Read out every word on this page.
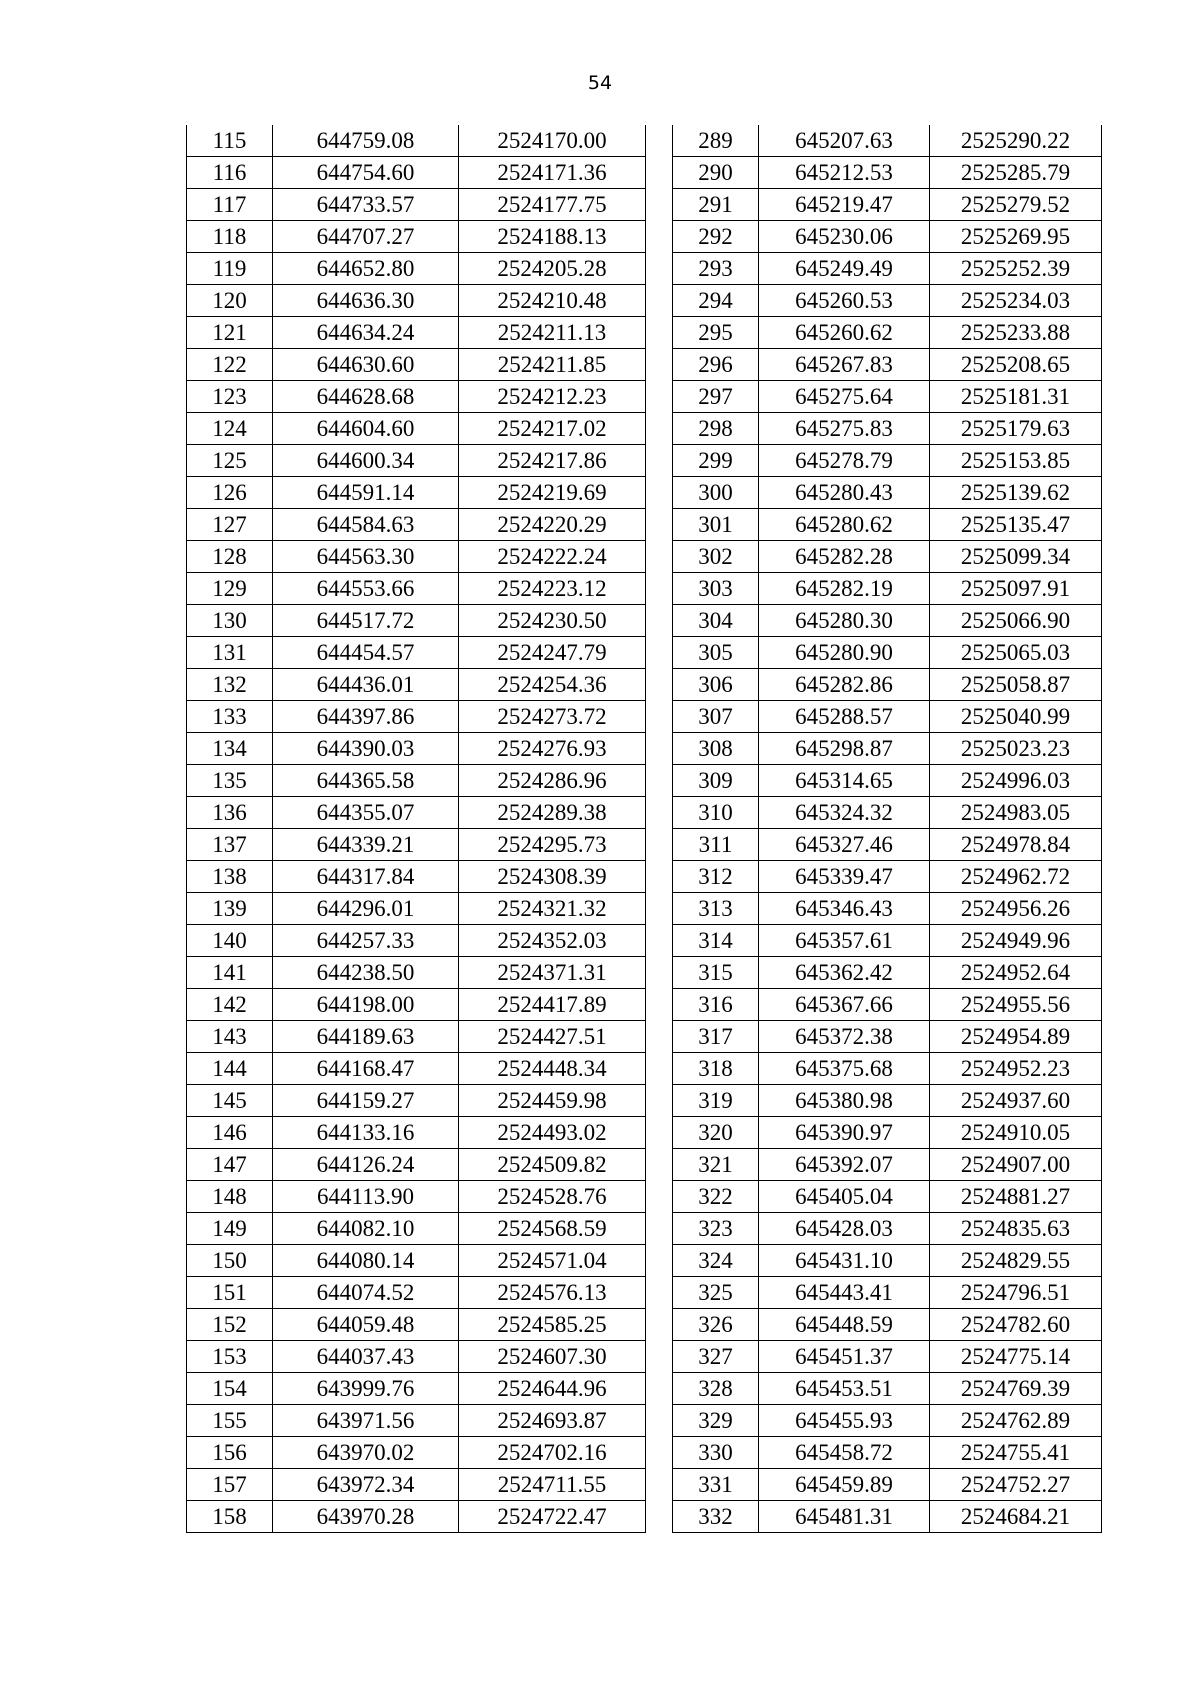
54
115	644759.08	2524170.00
116	644754.60	2524171.36
117	644733.57	2524177.75
118	644707.27	2524188.13
119	644652.80	2524205.28
120	644636.30	2524210.48
121	644634.24	2524211.13
122	644630.60	2524211.85
123	644628.68	2524212.23
124	644604.60	2524217.02
125	644600.34	2524217.86
126	644591.14	2524219.69
127	644584.63	2524220.29
128	644563.30	2524222.24
129	644553.66	2524223.12
130	644517.72	2524230.50
131	644454.57	2524247.79
132	644436.01	2524254.36
133	644397.86	2524273.72
134	644390.03	2524276.93
135	644365.58	2524286.96
136	644355.07	2524289.38
137	644339.21	2524295.73
138	644317.84	2524308.39
139	644296.01	2524321.32
140	644257.33	2524352.03
141	644238.50	2524371.31
142	644198.00	2524417.89
143	644189.63	2524427.51
144	644168.47	2524448.34
145	644159.27	2524459.98
146	644133.16	2524493.02
147	644126.24	2524509.82
148	644113.90	2524528.76
149	644082.10	2524568.59
150	644080.14	2524571.04
151	644074.52	2524576.13
152	644059.48	2524585.25
153	644037.43	2524607.30
154	643999.76	2524644.96
155	643971.56	2524693.87
156	643970.02	2524702.16
157	643972.34	2524711.55
158	643970.28	2524722.47
289	645207.63	2525290.22
290	645212.53	2525285.79
291	645219.47	2525279.52
292	645230.06	2525269.95
293	645249.49	2525252.39
294	645260.53	2525234.03
295	645260.62	2525233.88
296	645267.83	2525208.65
297	645275.64	2525181.31
298	645275.83	2525179.63
299	645278.79	2525153.85
300	645280.43	2525139.62
301	645280.62	2525135.47
302	645282.28	2525099.34
303	645282.19	2525097.91
304	645280.30	2525066.90
305	645280.90	2525065.03
306	645282.86	2525058.87
307	645288.57	2525040.99
308	645298.87	2525023.23
309	645314.65	2524996.03
310	645324.32	2524983.05
311	645327.46	2524978.84
312	645339.47	2524962.72
313	645346.43	2524956.26
314	645357.61	2524949.96
315	645362.42	2524952.64
316	645367.66	2524955.56
317	645372.38	2524954.89
318	645375.68	2524952.23
319	645380.98	2524937.60
320	645390.97	2524910.05
321	645392.07	2524907.00
322	645405.04	2524881.27
323	645428.03	2524835.63
324	645431.10	2524829.55
325	645443.41	2524796.51
326	645448.59	2524782.60
327	645451.37	2524775.14
328	645453.51	2524769.39
329	645455.93	2524762.89
330	645458.72	2524755.41
331	645459.89	2524752.27
332	645481.31	2524684.21
